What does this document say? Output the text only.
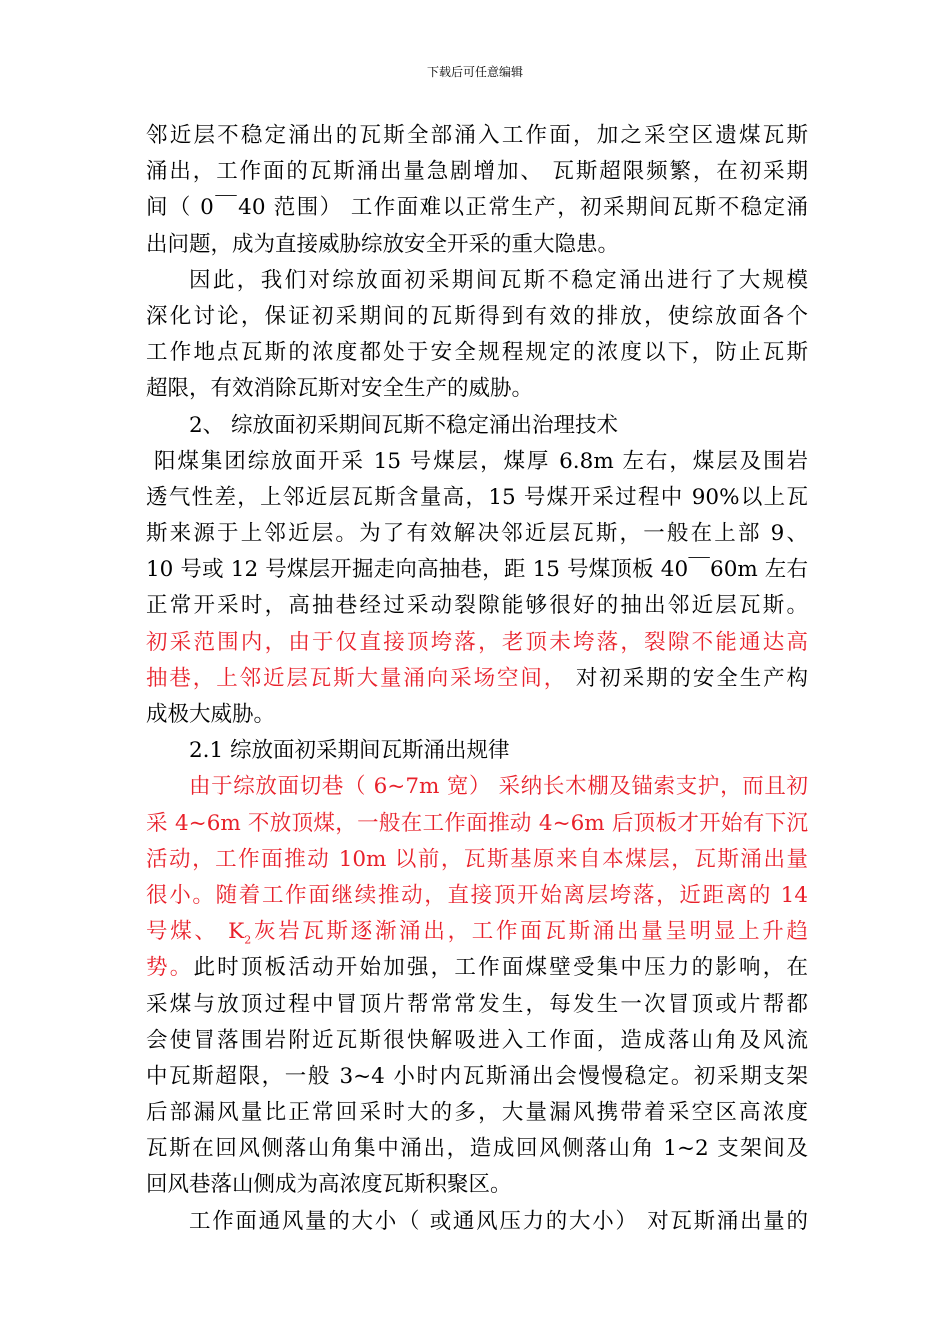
下载后可任意编辑
邻近层不稳定涌出的瓦斯全部涌入工作面，加之采空区遗煤瓦斯
涌出，工作面的瓦斯涌出量急剧增加、 瓦斯超限频繁，在初采期
间（ 0￣40 范围） 工作面难以正常生产，初采期间瓦斯不稳定涌
出问题，成为直接威胁综放安全开采的重大隐患。
因此，我们对综放面初采期间瓦斯不稳定涌出进行了大规模
深化讨论，保证初采期间的瓦斯得到有效的排放，使综放面各个
工作地点瓦斯的浓度都处于安全规程规定的浓度以下，防止瓦斯
超限，有效消除瓦斯对安全生产的威胁。
2、 综放面初采期间瓦斯不稳定涌出治理技术
阳煤集团综放面开采 15 号煤层，煤厚 6.8m 左右，煤层及围岩
透气性差，上邻近层瓦斯含量高，15 号煤开采过程中 90%以上瓦
斯来源于上邻近层。为了有效解决邻近层瓦斯，一般在上部 9、
10 号或 12 号煤层开掘走向高抽巷，距 15 号煤顶板 40￣60m 左右
正常开采时，高抽巷经过采动裂隙能够很好的抽出邻近层瓦斯。
初采范围内，由于仅直接顶垮落，老顶未垮落，裂隙不能通达高
抽巷，上邻近层瓦斯大量涌向采场空间， 对初采期的安全生产构
成极大威胁。
2.1 综放面初采期间瓦斯涌出规律
由于综放面切巷（ 6~7m 宽） 采纳长木棚及锚索支护，而且初
采 4~6m 不放顶煤，一般在工作面推动 4~6m 后顶板才开始有下沉
活动，工作面推动 10m 以前，瓦斯基原来自本煤层，瓦斯涌出量
很小。随着工作面继续推动，直接顶开始离层垮落，近距离的 14
号煤、 $K_2$灰岩瓦斯逐渐涌出，工作面瓦斯涌出量呈明显上升趋
势。此时顶板活动开始加强，工作面煤壁受集中压力的影响，在
采煤与放顶过程中冒顶片帮常常发生，每发生一次冒顶或片帮都
会使冒落围岩附近瓦斯很快解吸进入工作面，造成落山角及风流
中瓦斯超限，一般 3~4 小时内瓦斯涌出会慢慢稳定。初采期支架
后部漏风量比正常回采时大的多，大量漏风携带着采空区高浓度
瓦斯在回风侧落山角集中涌出，造成回风侧落山角 1~2 支架间及
回风巷落山侧成为高浓度瓦斯积聚区。
工作面通风量的大小（ 或通风压力的大小） 对瓦斯涌出量的
